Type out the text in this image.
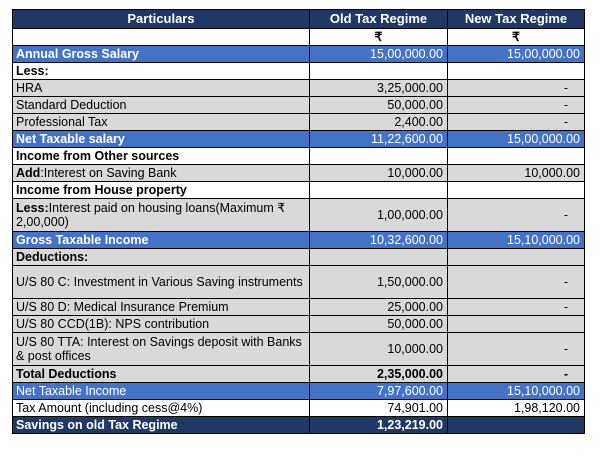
Particulars	Old Tax Regime	New Tax Regime
	₹	₹
Annual Gross Salary	15,00,000.00	15,00,000.00
Less:		
HRA	3,25,000.00	-
Standard Deduction	50,000.00	-
Professional Tax	2,400.00	-
Net Taxable salary	11,22,600.00	15,00,000.00
Income from Other sources		
Add:Interest on Saving Bank	10,000.00	10,000.00
Income from House property		
Less:Interest paid on housing loans(Maximum ₹ 2,00,000)	1,00,000.00	-
Gross Taxable Income	10,32,600.00	15,10,000.00
Deductions:		
U/S 80 C: Investment in Various Saving instruments	1,50,000.00	-
U/S 80 D: Medical Insurance Premium	25,000.00	-
U/S 80 CCD(1B): NPS contribution	50,000.00	
U/S 80 TTA: Interest on Savings deposit with Banks & post offices	10,000.00	-
Total Deductions	2,35,000.00	-
Net Taxable Income	7,97,600.00	15,10,000.00
Tax Amount (including cess@4%)	74,901.00	1,98,120.00
Savings on old Tax Regime	1,23,219.00	
